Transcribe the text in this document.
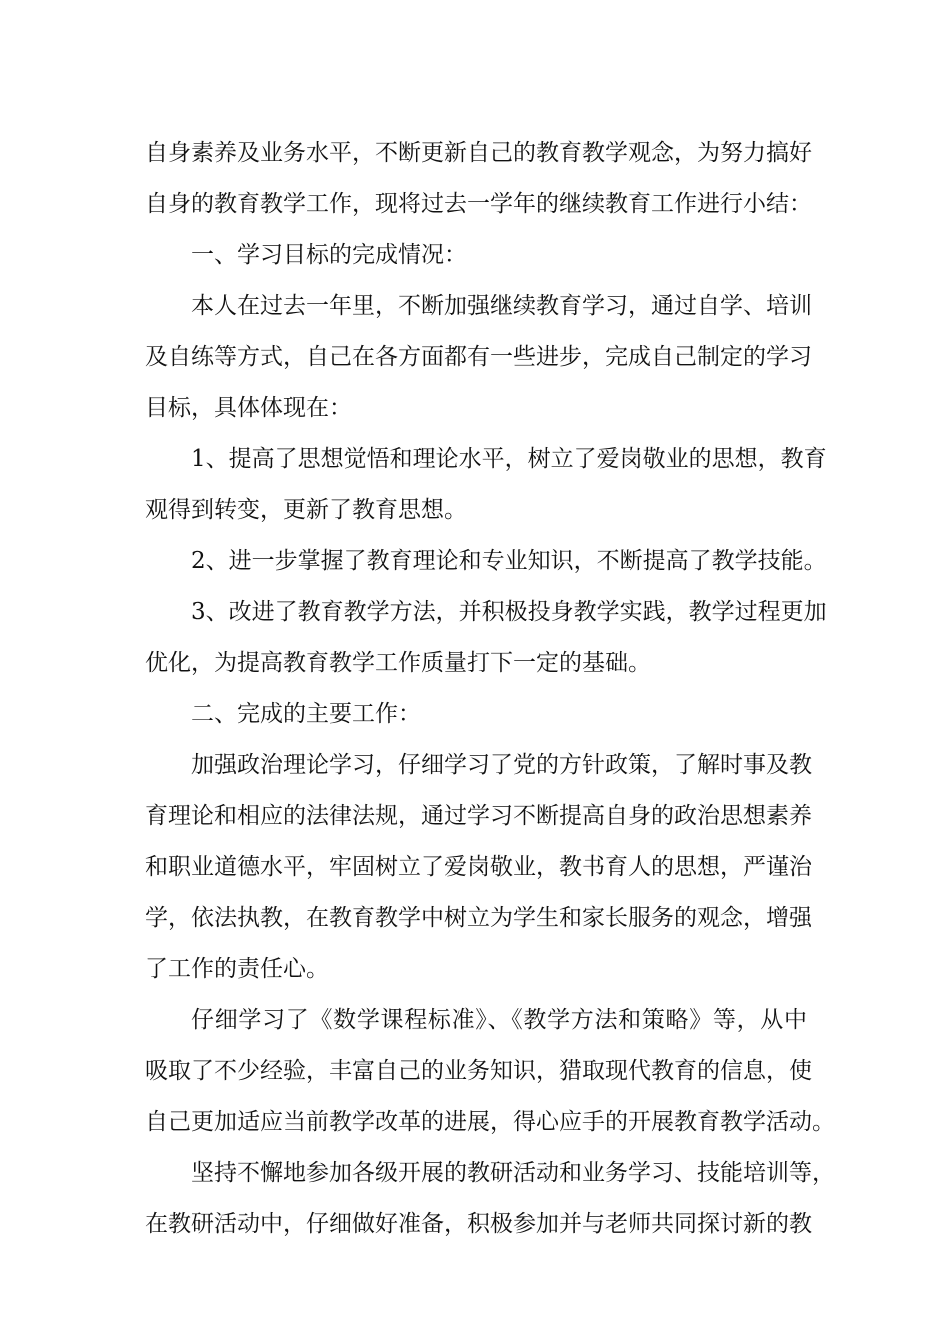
自身素养及业务水平，不断更新自己的教育教学观念，为努力搞好
自身的教育教学工作，现将过去一学年的继续教育工作进行小结：
一、学习目标的完成情况：
本人在过去一年里，不断加强继续教育学习，通过自学、培训
及自练等方式，自己在各方面都有一些进步，完成自己制定的学习
目标，具体体现在：
1、提高了思想觉悟和理论水平，树立了爱岗敬业的思想，教育
观得到转变，更新了教育思想。
2、进一步掌握了教育理论和专业知识，不断提高了教学技能。
3、改进了教育教学方法，并积极投身教学实践，教学过程更加
优化，为提高教育教学工作质量打下一定的基础。
二、完成的主要工作：
加强政治理论学习，仔细学习了党的方针政策，了解时事及教
育理论和相应的法律法规，通过学习不断提高自身的政治思想素养
和职业道德水平，牢固树立了爱岗敬业，教书育人的思想，严谨治
学，依法执教，在教育教学中树立为学生和家长服务的观念，增强
了工作的责任心。
仔细学习了《数学课程标准》、《教学方法和策略》等，从中
吸取了不少经验，丰富自己的业务知识，猎取现代教育的信息，使
自己更加适应当前教学改革的进展，得心应手的开展教育教学活动。
坚持不懈地参加各级开展的教研活动和业务学习、技能培训等，
在教研活动中，仔细做好准备，积极参加并与老师共同探讨新的教
